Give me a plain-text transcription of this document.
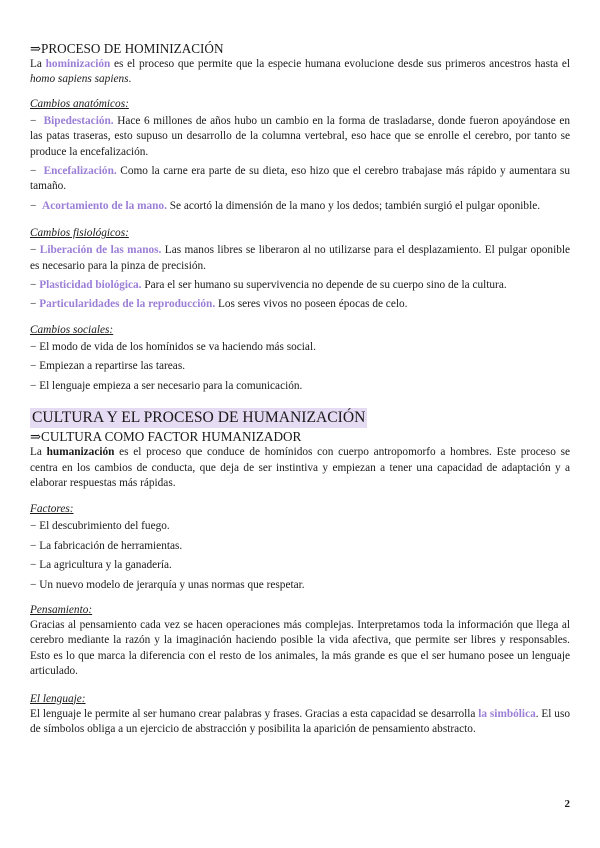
⇒PROCESO DE HOMINIZACIÓN

La hominización es el proceso que permite que la especie humana evolucione desde sus primeros ancestros hasta el homo sapiens sapiens.

Cambios anatómicos:

−  Bipedestación. Hace 6 millones de años hubo un cambio en la forma de trasladarse, donde fueron apoyándose en las patas traseras, esto supuso un desarrollo de la columna vertebral, eso hace que se enrolle el cerebro, por tanto se produce la encefalización.

−  Encefalización. Como la carne era parte de su dieta, eso hizo que el cerebro trabajase más rápido y aumentara su tamaño.

−  Acortamiento de la mano. Se acortó la dimensión de la mano y los dedos; también surgió el pulgar oponible.

Cambios fisiológicos:

− Liberación de las manos. Las manos libres se liberaron al no utilizarse para el desplazamiento. El pulgar oponible es necesario para la pinza de precisión.

− Plasticidad biológica. Para el ser humano su supervivencia no depende de su cuerpo sino de la cultura.

− Particularidades de la reproducción. Los seres vivos no poseen épocas de celo.

Cambios sociales:

− El modo de vida de los homínidos se va haciendo más social.

− Empiezan a repartirse las tareas.

− El lenguaje empieza a ser necesario para la comunicación.

CULTURA Y EL PROCESO DE HUMANIZACIÓN
⇒CULTURA COMO FACTOR HUMANIZADOR

La humanización es el proceso que conduce de homínidos con cuerpo antropomorfo a hombres. Este proceso se centra en los cambios de conducta, que deja de ser instintiva y empiezan a tener una capacidad de adaptación y a elaborar respuestas más rápidas.

Factores:

− El descubrimiento del fuego.

− La fabricación de herramientas.

− La agricultura y la ganadería.

− Un nuevo modelo de jerarquía y unas normas que respetar.

Pensamiento:

Gracias al pensamiento cada vez se hacen operaciones más complejas. Interpretamos toda la información que llega al cerebro mediante la razón y la imaginación haciendo posible la vida afectiva, que permite ser libres y responsables. Esto es lo que marca la diferencia con el resto de los animales, la más grande es que el ser humano posee un lenguaje articulado.

El lenguaje:

El lenguaje le permite al ser humano crear palabras y frases. Gracias a esta capacidad se desarrolla la simbólica. El uso de símbolos obliga a un ejercicio de abstracción y posibilita la aparición de pensamiento abstracto.

2
